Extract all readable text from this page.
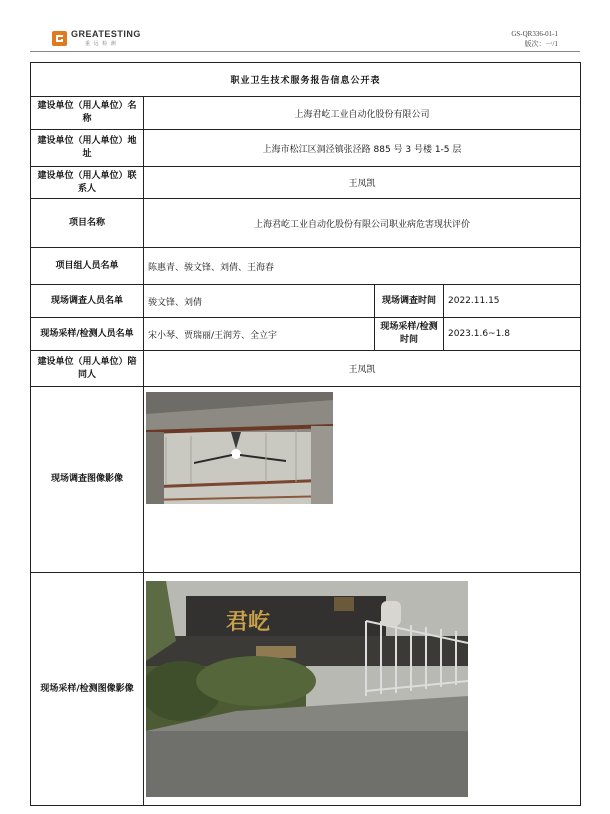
GREATESTING
重 远 检 测
GS-QR336-01-1
版次：一/1
职业卫生技术服务报告信息公开表			
建设单位（用人单位）名称	上海君屹工业自动化股份有限公司		
建设单位（用人单位）地址	上海市松江区洞泾镇张泾路 885 号 3 号楼 1-5 层		
建设单位（用人单位）联系人	王凤凯		
项目名称	上海君屹工业自动化股份有限公司职业病危害现状评价		
项目组人员名单	陈惠青、骏文锋、刘倩、王海春		
现场调查人员名单	骏文锋、刘倩	现场调查时间	2022.11.15
现场采样/检测人员名单	宋小琴、贾瑞丽/王润芳、全立宇	现场采样/检测时间	2023.1.6~1.8
建设单位（用人单位）陪同人	王凤凯		
现场调查图像影像	

现场采样/检测图像影像	君屹		
